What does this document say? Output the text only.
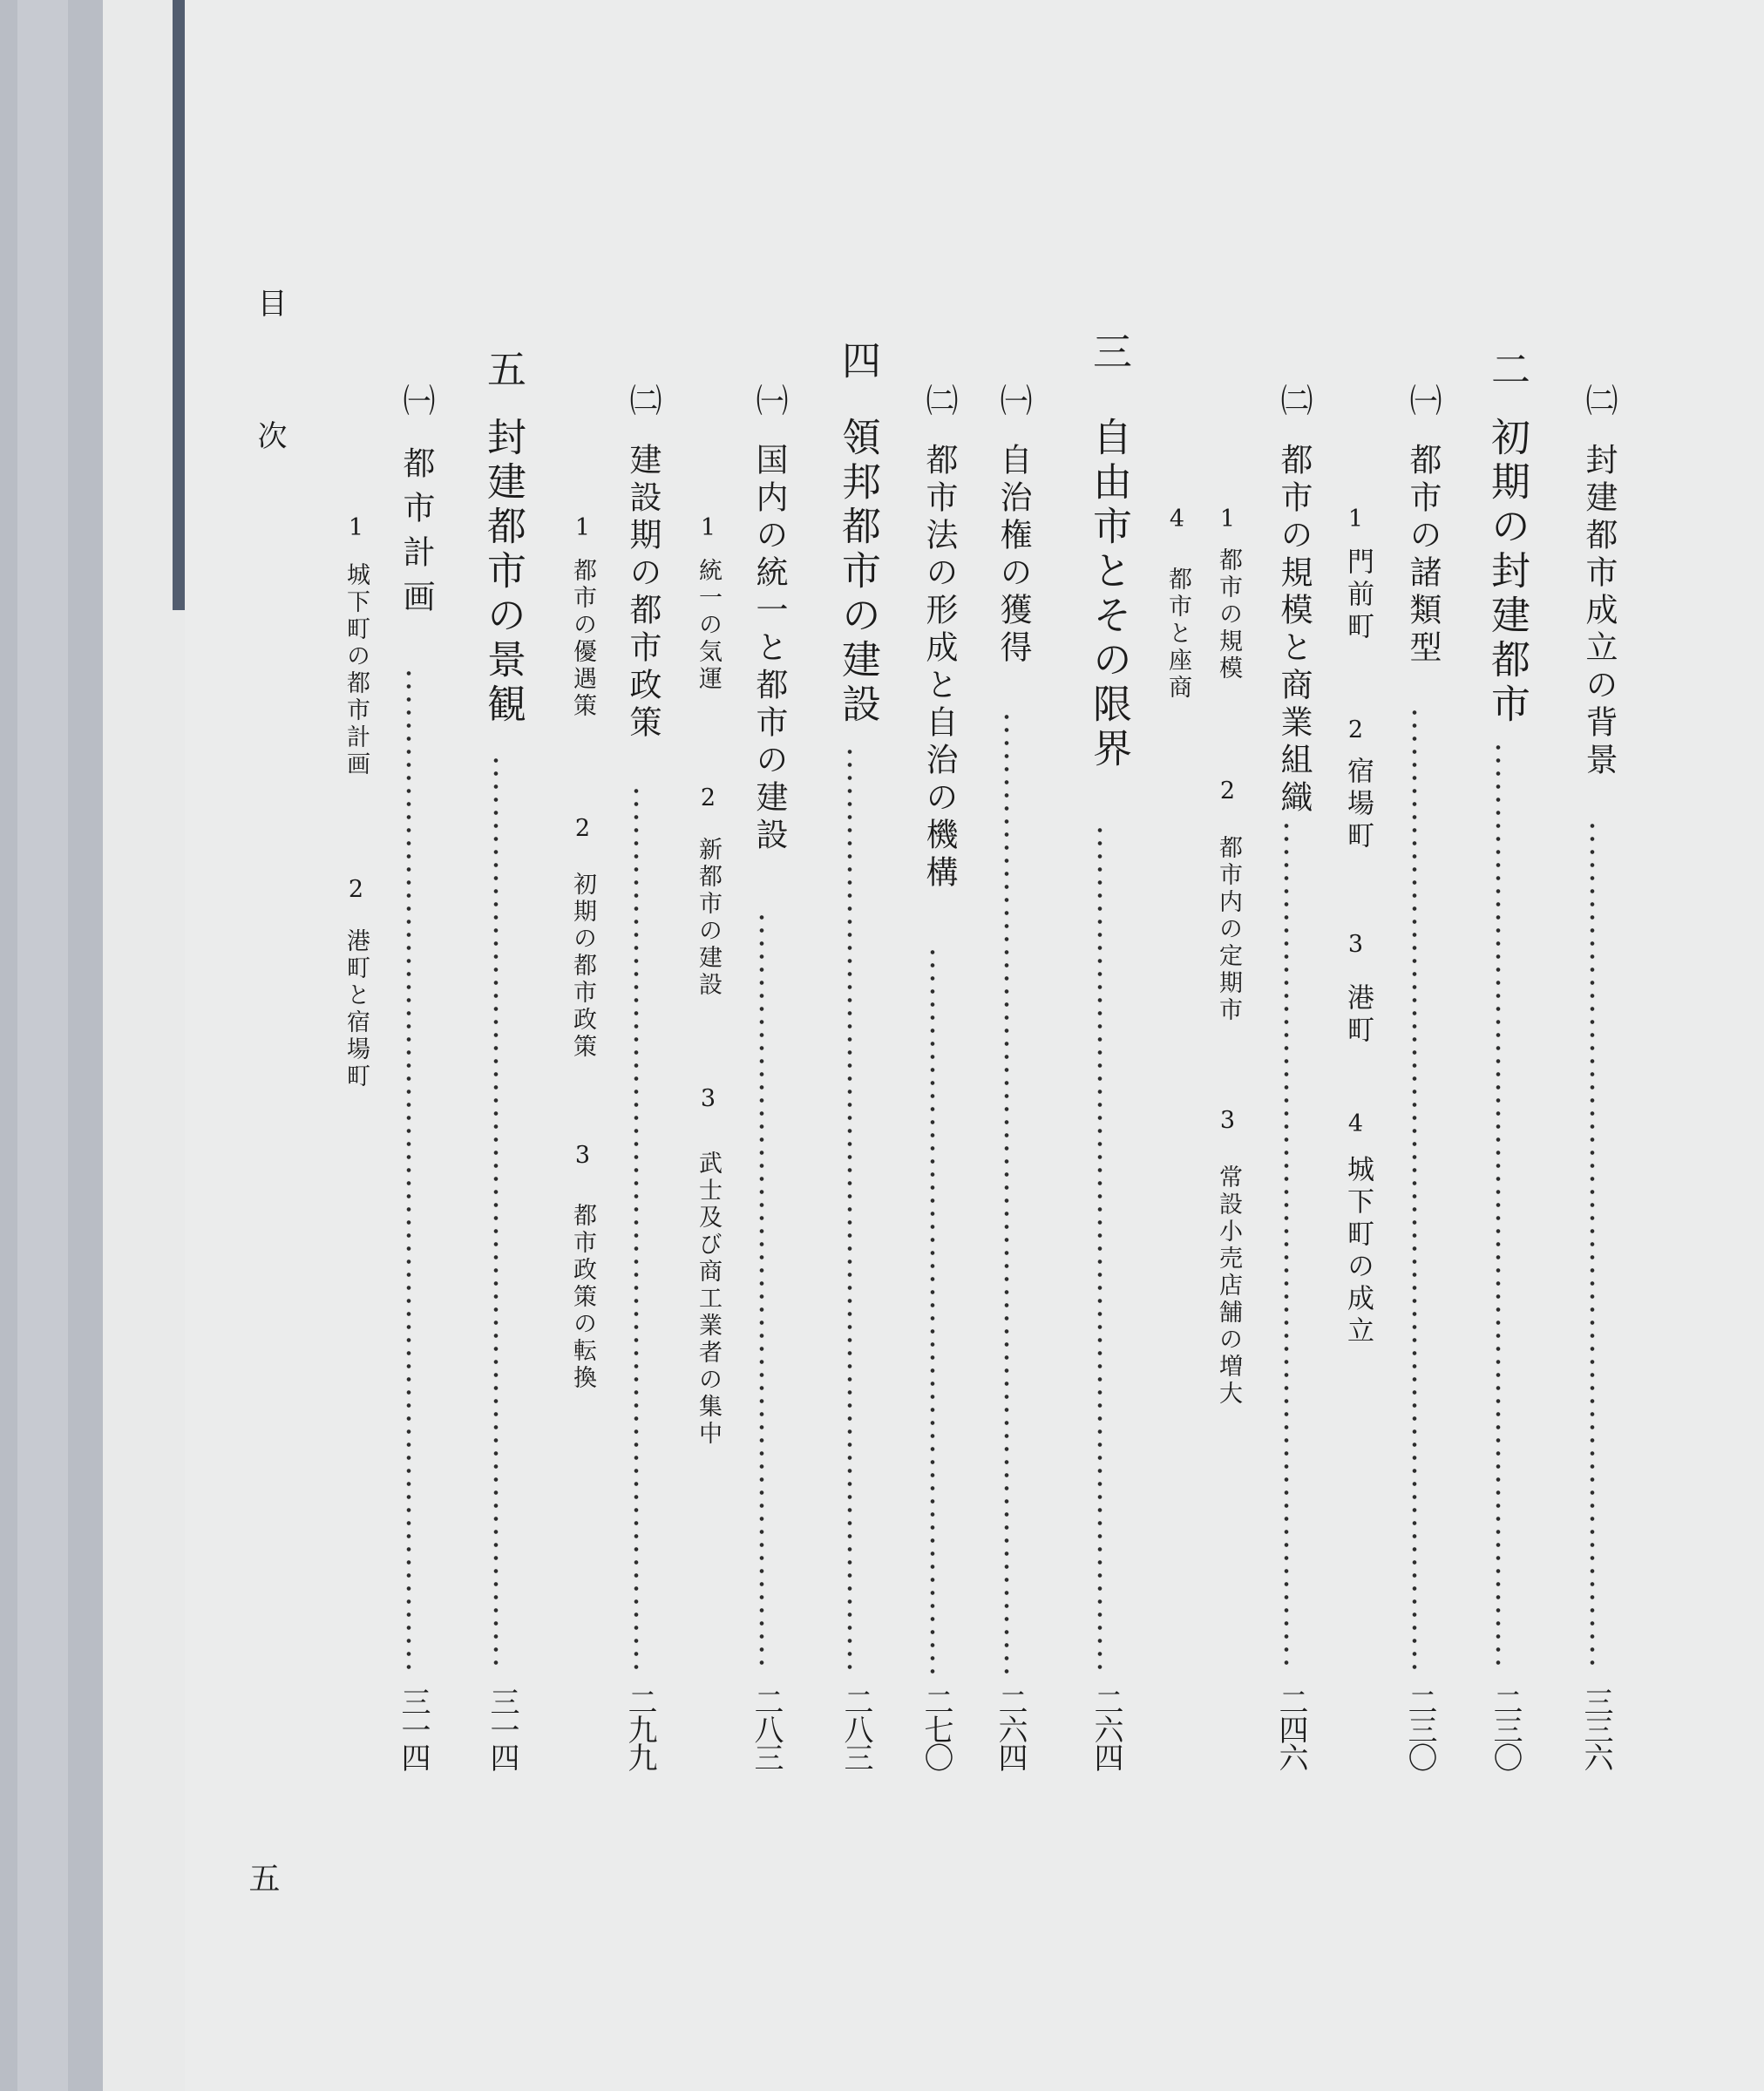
目
次
五
㈡
封建都市成立の背景
三三六
二
初期の封建都市
二三〇
㈠
都市の諸類型
二三〇
1
門前町
2
宿場町
3
港町
4
城下町の成立
㈡
都市の規模と商業組織
二四六
1
都市の規模
2
都市内の定期市
3
常設小売店舗の増大
4
都市と座商
三
自由市とその限界
二六四
㈠
自治権の獲得
二六四
㈡
都市法の形成と自治の機構
二七〇
四
領邦都市の建設
二八三
㈠
国内の統一と都市の建設
二八三
1
統一の気運
2
新都市の建設
3
武士及び商工業者の集中
㈡
建設期の都市政策
二九九
1
都市の優遇策
2
初期の都市政策
3
都市政策の転換
五
封建都市の景観
三一四
㈠
都市計画
三一四
1
城下町の都市計画
2
港町と宿場町
